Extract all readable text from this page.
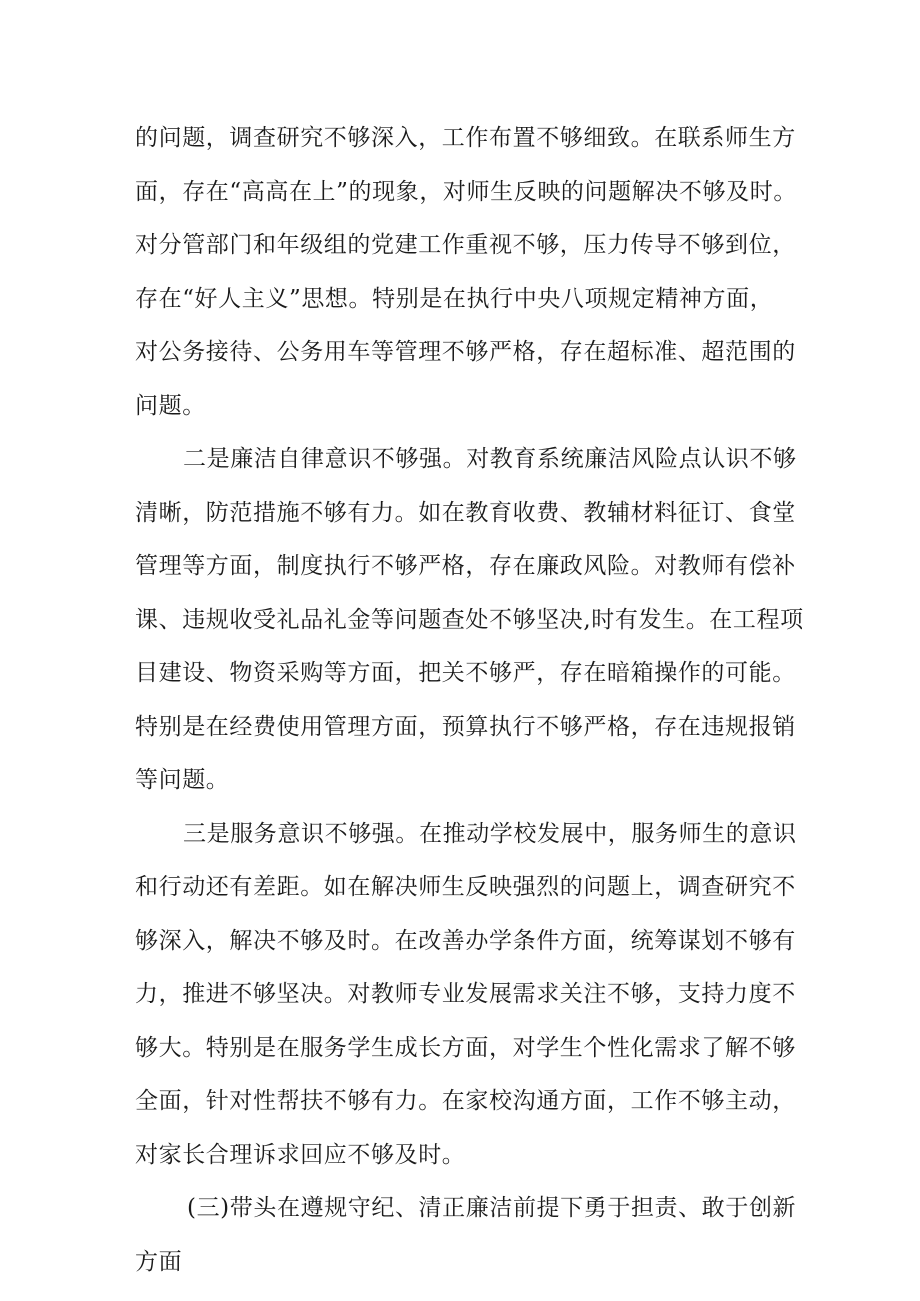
的问题，调查研究不够深入，工作布置不够细致。在联系师生方
面，存在“高高在上”的现象，对师生反映的问题解决不够及时。
对分管部门和年级组的党建工作重视不够，压力传导不够到位，
存在“好人主义”思想。特别是在执行中央八项规定精神方面，
对公务接待、公务用车等管理不够严格，存在超标准、超范围的
问题。
二是廉洁自律意识不够强。对教育系统廉洁风险点认识不够
清晰，防范措施不够有力。如在教育收费、教辅材料征订、食堂
管理等方面，制度执行不够严格，存在廉政风险。对教师有偿补
课、违规收受礼品礼金等问题查处不够坚决,时有发生。在工程项
目建设、物资采购等方面，把关不够严，存在暗箱操作的可能。
特别是在经费使用管理方面，预算执行不够严格，存在违规报销
等问题。
三是服务意识不够强。在推动学校发展中，服务师生的意识
和行动还有差距。如在解决师生反映强烈的问题上，调查研究不
够深入，解决不够及时。在改善办学条件方面，统筹谋划不够有
力，推进不够坚决。对教师专业发展需求关注不够，支持力度不
够大。特别是在服务学生成长方面，对学生个性化需求了解不够
全面，针对性帮扶不够有力。在家校沟通方面，工作不够主动，
对家长合理诉求回应不够及时。
(三)带头在遵规守纪、清正廉洁前提下勇于担责、敢于创新
方面
